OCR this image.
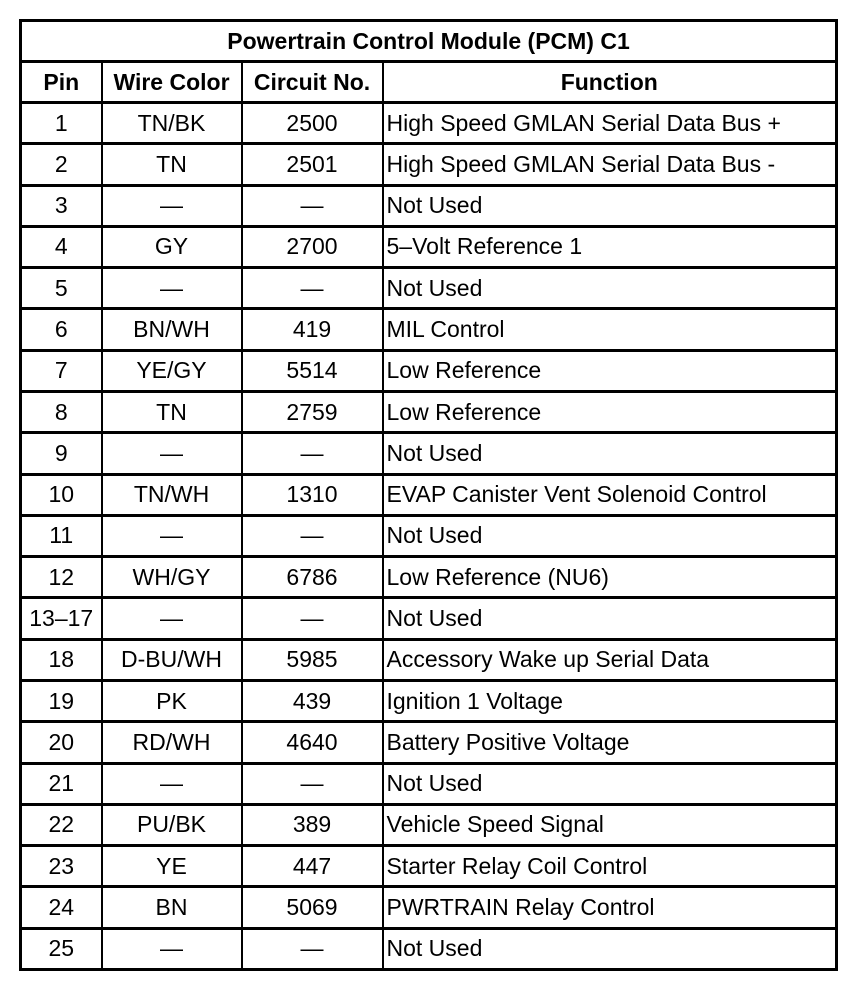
Powertrain Control Module (PCM) C1			
Pin	Wire Color	Circuit No.	Function
1	TN/BK	2500	High Speed GMLAN Serial Data Bus +
2	TN	2501	High Speed GMLAN Serial Data Bus -
3	—	—	Not Used
4	GY	2700	5–Volt Reference 1
5	—	—	Not Used
6	BN/WH	419	MIL Control
7	YE/GY	5514	Low Reference
8	TN	2759	Low Reference
9	—	—	Not Used
10	TN/WH	1310	EVAP Canister Vent Solenoid Control
11	—	—	Not Used
12	WH/GY	6786	Low Reference (NU6)
13–17	—	—	Not Used
18	D-BU/WH	5985	Accessory Wake up Serial Data
19	PK	439	Ignition 1 Voltage
20	RD/WH	4640	Battery Positive Voltage
21	—	—	Not Used
22	PU/BK	389	Vehicle Speed Signal
23	YE	447	Starter Relay Coil Control
24	BN	5069	PWRTRAIN Relay Control
25	—	—	Not Used
